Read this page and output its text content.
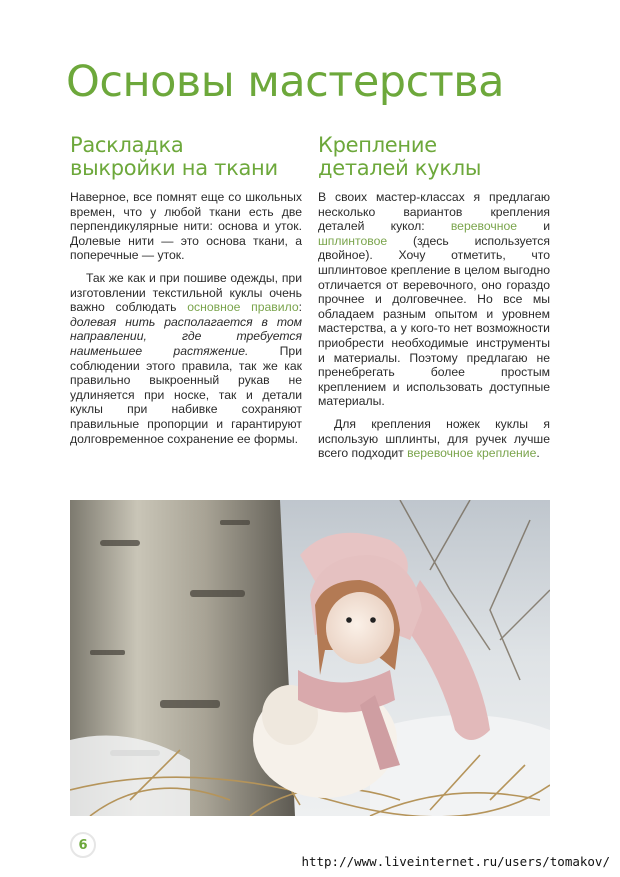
Основы мастерства
Раскладка
выкройки на ткани

Наверное, все помнят еще со школьных времен, что у любой ткани есть две перпендикулярные нити: основа и уток. Долевые нити — это основа ткани, а поперечные — уток.

Так же как и при пошиве одежды, при изготовлении текстильной куклы очень важно соблюдать основное правило: долевая нить располагается в том направлении, где требуется наименьшее растяжение. При соблюдении этого правила, так же как правильно выкроенный рукав не удлиняется при носке, так и детали куклы при набивке сохраняют правильные пропорции и гарантируют долговременное сохранение ее формы.

Крепление
деталей куклы

В своих мастер-классах я предлагаю несколько вариантов крепления деталей кукол: веревочное и шплинтовое (здесь используется двойное). Хочу отметить, что шплинтовое крепление в целом выгодно отличается от веревочного, оно гораздо прочнее и долговечнее. Но все мы обладаем разным опытом и уровнем мастерства, а у кого-то нет возможности приобрести необходимые инструменты и материалы. Поэтому предлагаю не пренебрегать более простым креплением и использовать доступные материалы.

Для крепления ножек куклы я использую шплинты, для ручек лучше всего подходит веревочное крепление.

6
http://www.liveinternet.ru/users/tomakov/
